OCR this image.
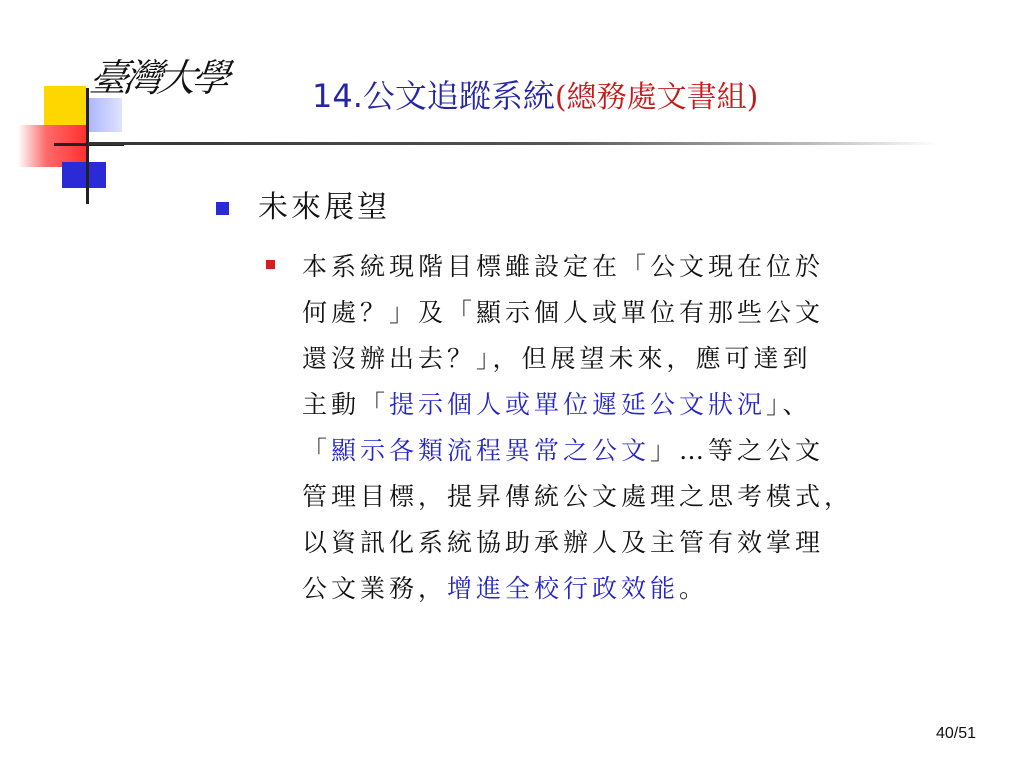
臺灣大學	14.公文追蹤系統(總務處文書組)
未來展望
本系統現階目標雖設定在「公文現在位於
何處？」及「顯示個人或單位有那些公文
還沒辦出去？」，但展望未來，應可達到
主動「提示個人或單位遲延公文狀況」、
「顯示各類流程異常之公文」…等之公文
管理目標，提昇傳統公文處理之思考模式，
以資訊化系統協助承辦人及主管有效掌理
公文業務，增進全校行政效能。
40/51
